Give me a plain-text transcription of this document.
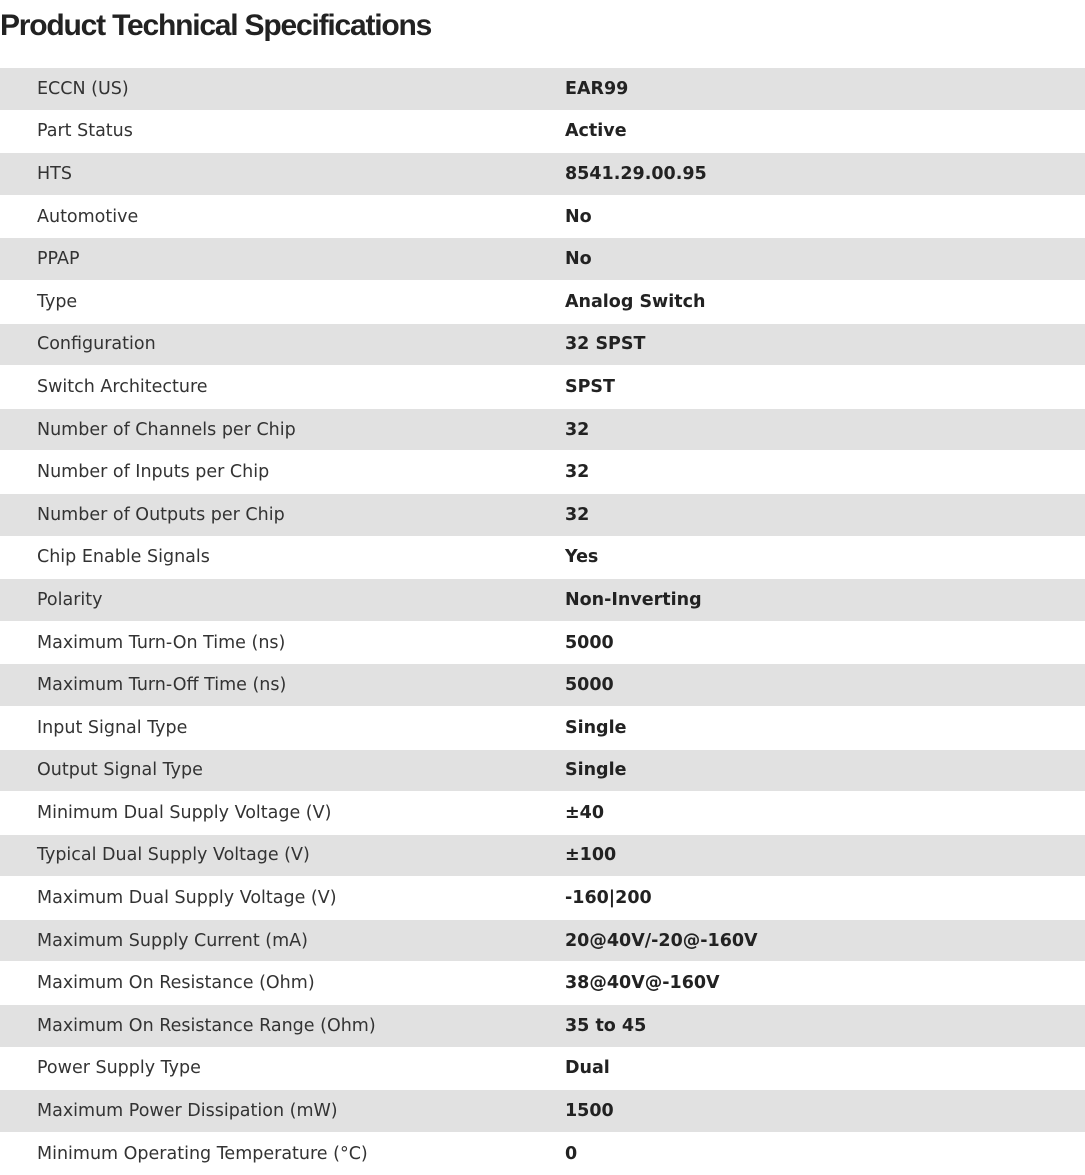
Product Technical Specifications
ECCN (US)	EAR99
Part Status	Active
HTS	8541.29.00.95
Automotive	No
PPAP	No
Type	Analog Switch
Configuration	32 SPST
Switch Architecture	SPST
Number of Channels per Chip	32
Number of Inputs per Chip	32
Number of Outputs per Chip	32
Chip Enable Signals	Yes
Polarity	Non-Inverting
Maximum Turn-On Time (ns)	5000
Maximum Turn-Off Time (ns)	5000
Input Signal Type	Single
Output Signal Type	Single
Minimum Dual Supply Voltage (V)	±40
Typical Dual Supply Voltage (V)	±100
Maximum Dual Supply Voltage (V)	-160|200
Maximum Supply Current (mA)	20@40V/-20@-160V
Maximum On Resistance (Ohm)	38@40V@-160V
Maximum On Resistance Range (Ohm)	35 to 45
Power Supply Type	Dual
Maximum Power Dissipation (mW)	1500
Minimum Operating Temperature (°C)	0
